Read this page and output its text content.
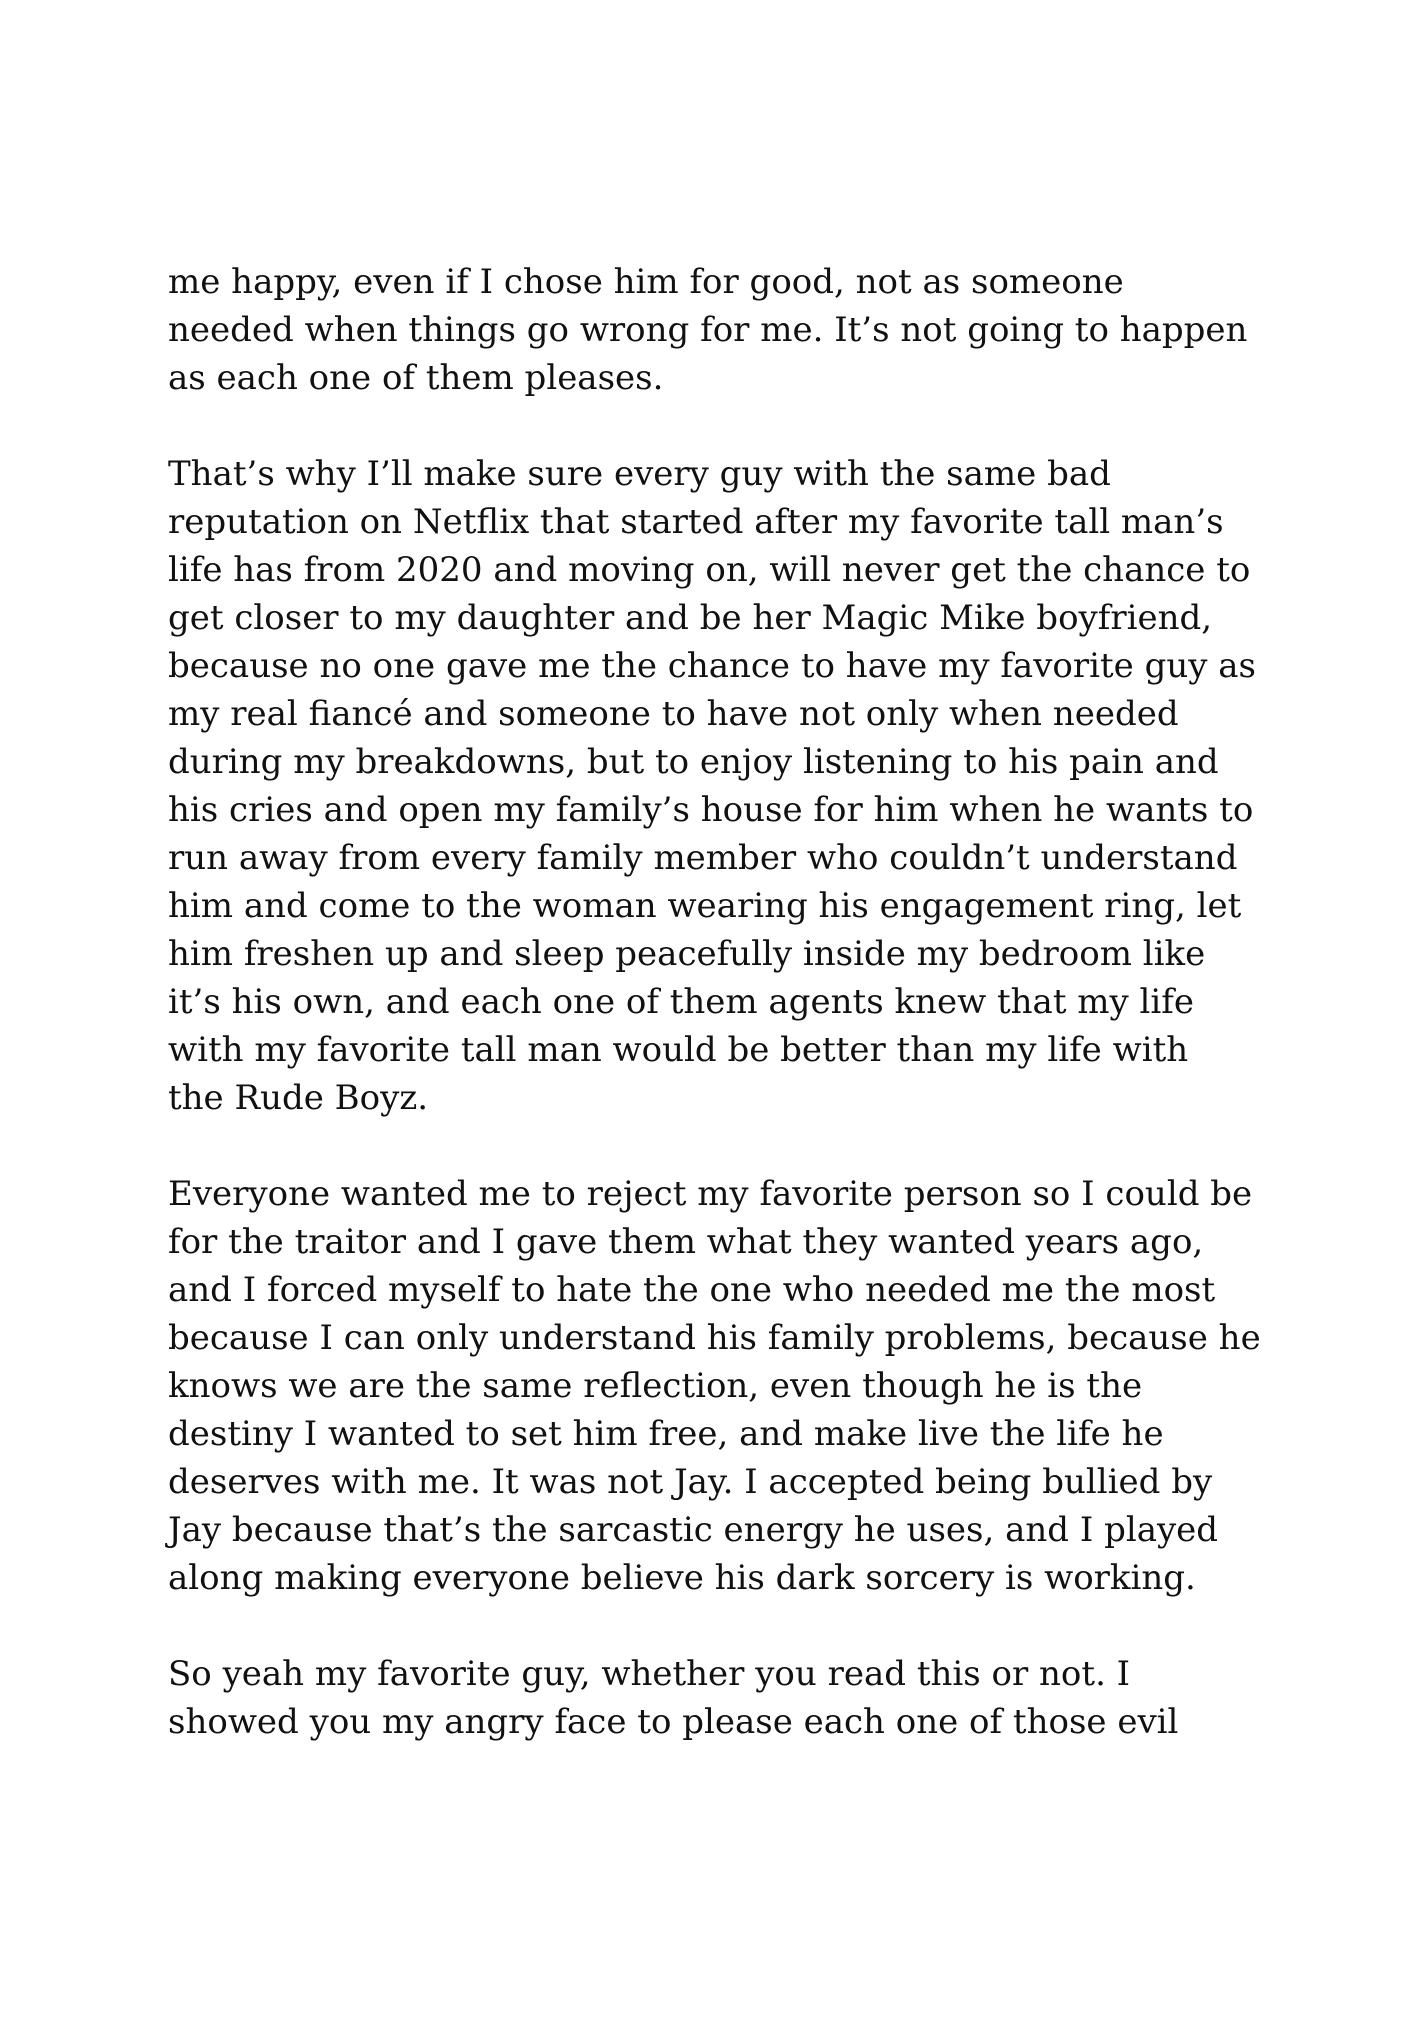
me happy, even if I chose him for good, not as someone
needed when things go wrong for me. It’s not going to happen
as each one of them pleases.
That’s why I’ll make sure every guy with the same bad
reputation on Netflix that started after my favorite tall man’s
life has from 2020 and moving on, will never get the chance to
get closer to my daughter and be her Magic Mike boyfriend,
because no one gave me the chance to have my favorite guy as
my real fiancé and someone to have not only when needed
during my breakdowns, but to enjoy listening to his pain and
his cries and open my family’s house for him when he wants to
run away from every family member who couldn’t understand
him and come to the woman wearing his engagement ring, let
him freshen up and sleep peacefully inside my bedroom like
it’s his own, and each one of them agents knew that my life
with my favorite tall man would be better than my life with
the Rude Boyz.
Everyone wanted me to reject my favorite person so I could be
for the traitor and I gave them what they wanted years ago,
and I forced myself to hate the one who needed me the most
because I can only understand his family problems, because he
knows we are the same reflection, even though he is the
destiny I wanted to set him free, and make live the life he
deserves with me. It was not Jay. I accepted being bullied by
Jay because that’s the sarcastic energy he uses, and I played
along making everyone believe his dark sorcery is working.
So yeah my favorite guy, whether you read this or not. I
showed you my angry face to please each one of those evil
